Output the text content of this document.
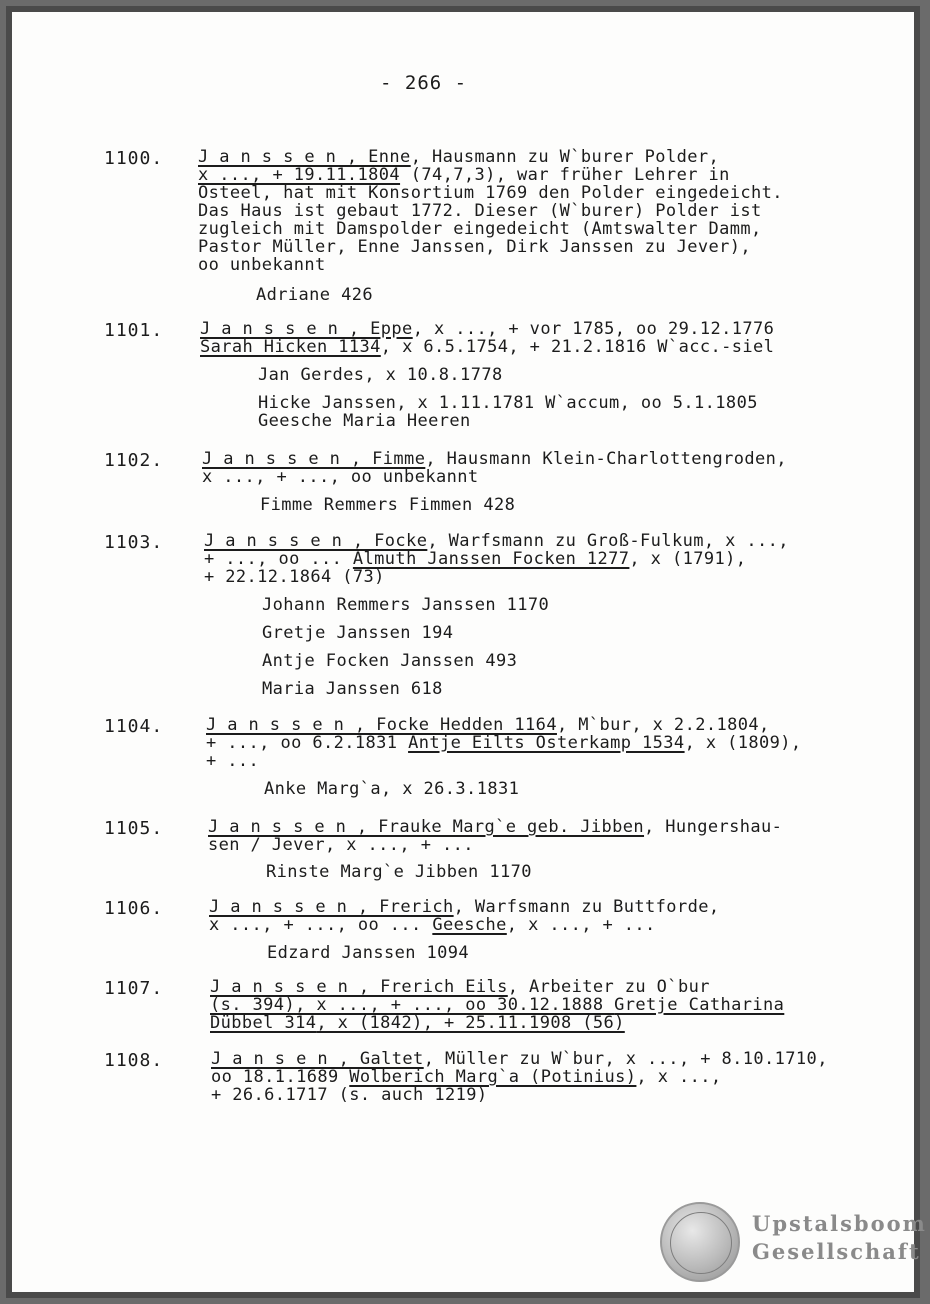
- 266 -
1100. J a n s s e n , Enne, Hausmann zu W`burer Polder,
x ..., + 19.11.1804 (74,7,3), war früher Lehrer in
Osteel, hat mit Konsortium 1769 den Polder eingedeicht.
Das Haus ist gebaut 1772. Dieser (W`burer) Polder ist
zugleich mit Damspolder eingedeicht (Amtswalter Damm,
Pastor Müller, Enne Janssen, Dirk Janssen zu Jever),
oo unbekannt
Adriane 426
1101. J a n s s e n , Eppe, x ..., + vor 1785, oo 29.12.1776
Sarah Hicken 1134, x 6.5.1754, + 21.2.1816 W`acc.-siel
Jan Gerdes, x 10.8.1778
Hicke Janssen, x 1.11.1781 W`accum, oo 5.1.1805
Geesche Maria Heeren
1102. J a n s s e n , Fimme, Hausmann Klein-Charlottengroden,
x ..., + ..., oo unbekannt
Fimme Remmers Fimmen 428
1103. J a n s s e n , Focke, Warfsmann zu Groß-Fulkum, x ...,
+ ..., oo ... Almuth Janssen Focken 1277, x (1791),
+ 22.12.1864 (73)
Johann Remmers Janssen 1170
Gretje Janssen 194
Antje Focken Janssen 493
Maria Janssen 618
1104.	J a n s s e n , Focke Hedden 1164, M`bur, x 2.2.1804,
+ ..., oo 6.2.1831 Antje Eilts Osterkamp 1534, x (1809),
+ ...
Anke Marg`a, x 26.3.1831
1105.	J a n s s e n , Frauke Marg`e geb. Jibben, Hungershau-
sen / Jever, x ..., + ...
Rinste Marg`e Jibben 1170
1106.	J a n s s e n , Frerich, Warfsmann zu Buttforde,
x ..., + ..., oo ... Geesche, x ..., + ...
Edzard Janssen 1094
1107.	J a n s s e n , Frerich Eils, Arbeiter zu O`bur
(s. 394), x ..., + ..., oo 30.12.1888 Gretje Catharina
Dübbel 314, x (1842), + 25.11.1908 (56)
1108.	J a n s e n , Galtet, Müller zu W`bur, x ..., + 8.10.1710,
oo 18.1.1689 Wolberich Marg`a (Potinius), x ...,
+ 26.6.1717 (s. auch 1219)
Upstalsboom
Gesellschaft
